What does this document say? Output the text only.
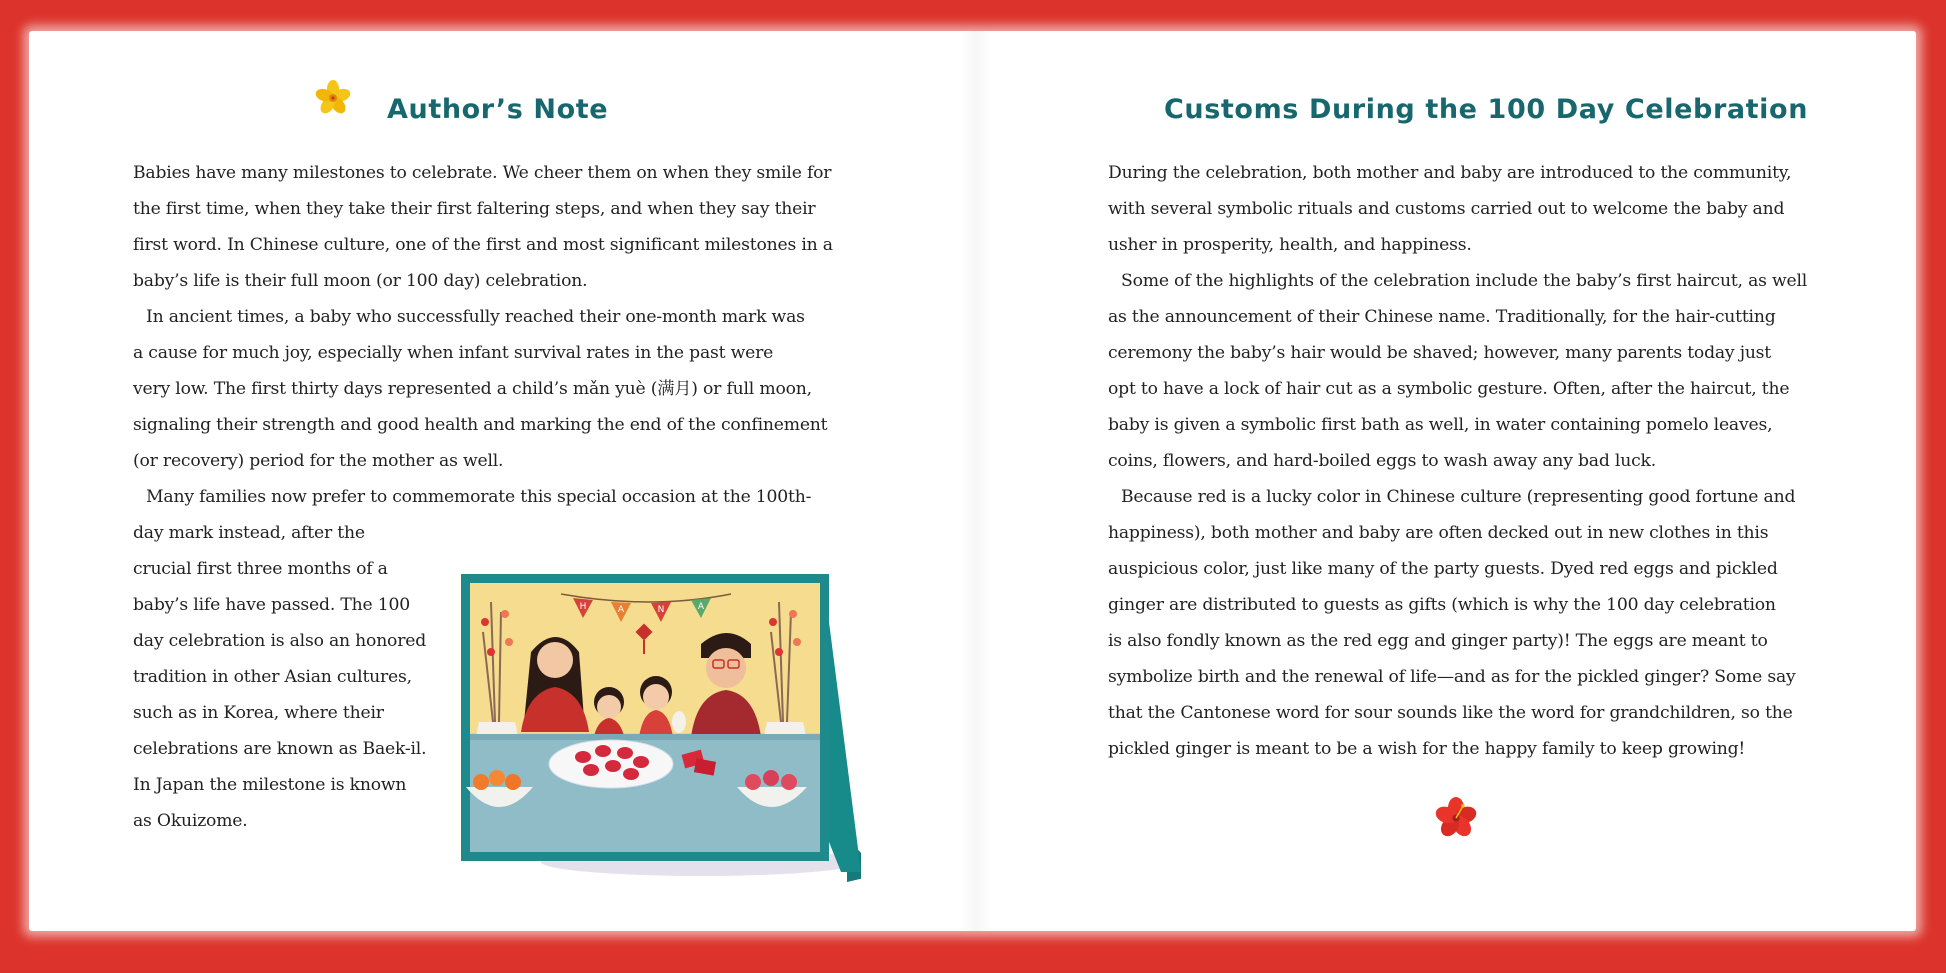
Author’s Note
Babies have many milestones to celebrate. We cheer them on when they smile for
the first time, when they take their first faltering steps, and when they say their
first word. In Chinese culture, one of the first and most significant milestones in a
baby’s life is their full moon (or 100 day) celebration.
In ancient times, a baby who successfully reached their one-month mark was
a cause for much joy, especially when infant survival rates in the past were
very low. The first thirty days represented a child’s mǎn yuè (满月) or full moon,
signaling their strength and good health and marking the end of the confinement
(or recovery) period for the mother as well.
Many families now prefer to commemorate this special occasion at the 100th-
day mark instead, after the
crucial first three months of a
baby’s life have passed. The 100
day celebration is also an honored
tradition in other Asian cultures,
such as in Korea, where their
celebrations are known as Baek-il.
In Japan the milestone is known
as Okuizome.
H	A	N	A
Customs During the 100 Day Celebration
During the celebration, both mother and baby are introduced to the community,
with several symbolic rituals and customs carried out to welcome the baby and
usher in prosperity, health, and happiness.
Some of the highlights of the celebration include the baby’s first haircut, as well
as the announcement of their Chinese name. Traditionally, for the hair-cutting
ceremony the baby’s hair would be shaved; however, many parents today just
opt to have a lock of hair cut as a symbolic gesture. Often, after the haircut, the
baby is given a symbolic first bath as well, in water containing pomelo leaves,
coins, flowers, and hard-boiled eggs to wash away any bad luck.
Because red is a lucky color in Chinese culture (representing good fortune and
happiness), both mother and baby are often decked out in new clothes in this
auspicious color, just like many of the party guests. Dyed red eggs and pickled
ginger are distributed to guests as gifts (which is why the 100 day celebration
is also fondly known as the red egg and ginger party)! The eggs are meant to
symbolize birth and the renewal of life—and as for the pickled ginger? Some say
that the Cantonese word for sour sounds like the word for grandchildren, so the
pickled ginger is meant to be a wish for the happy family to keep growing!
